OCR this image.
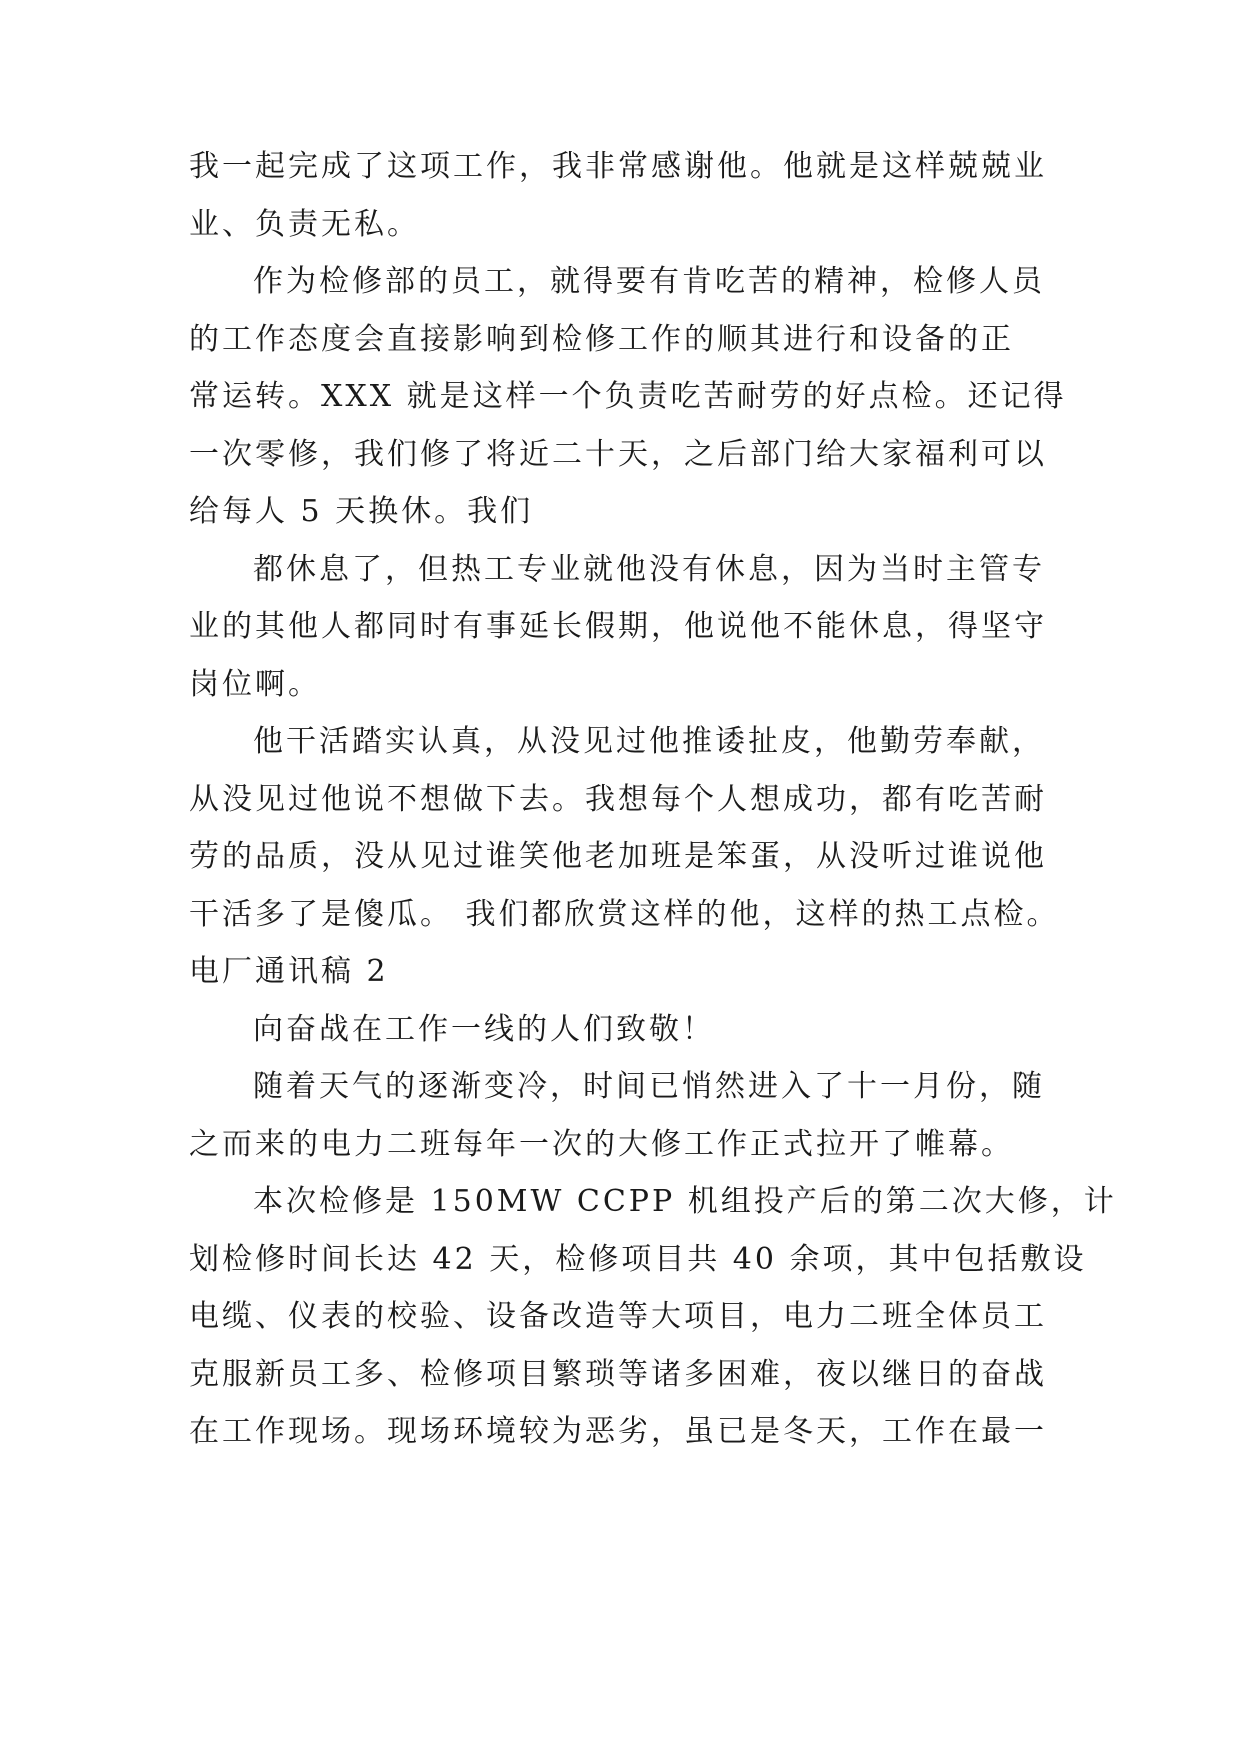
我一起完成了这项工作，我非常感谢他。他就是这样兢兢业
业、负责无私。
作为检修部的员工，就得要有肯吃苦的精神，检修人员
的工作态度会直接影响到检修工作的顺其进行和设备的正
常运转。XXX 就是这样一个负责吃苦耐劳的好点检。还记得
一次零修，我们修了将近二十天，之后部门给大家福利可以
给每人 5 天换休。我们
都休息了，但热工专业就他没有休息，因为当时主管专
业的其他人都同时有事延长假期，他说他不能休息，得坚守
岗位啊。
他干活踏实认真，从没见过他推诿扯皮，他勤劳奉献，
从没见过他说不想做下去。我想每个人想成功，都有吃苦耐
劳的品质，没从见过谁笑他老加班是笨蛋，从没听过谁说他
干活多了是傻瓜。 我们都欣赏这样的他，这样的热工点检。
电厂通讯稿 2
向奋战在工作一线的人们致敬！
随着天气的逐渐变冷，时间已悄然进入了十一月份，随
之而来的电力二班每年一次的大修工作正式拉开了帷幕。
本次检修是 150MW CCPP 机组投产后的第二次大修，计
划检修时间长达 42 天，检修项目共 40 余项，其中包括敷设
电缆、仪表的校验、设备改造等大项目，电力二班全体员工
克服新员工多、检修项目繁琐等诸多困难，夜以继日的奋战
在工作现场。现场环境较为恶劣，虽已是冬天，工作在最一
